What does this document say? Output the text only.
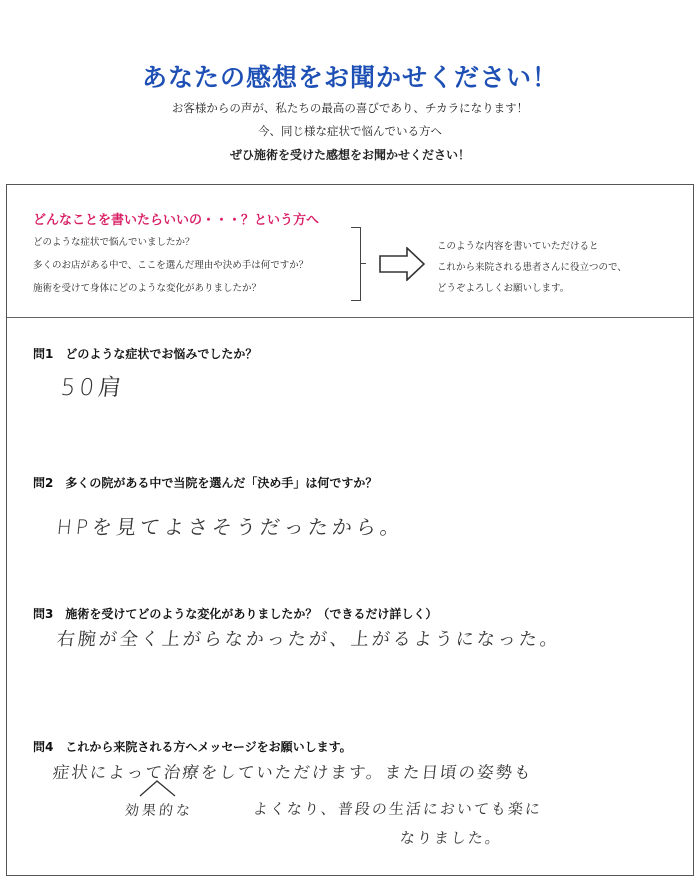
あなたの感想をお聞かせください！
お客様からの声が、私たちの最高の喜びであり、チカラになります！
今、同じ様な症状で悩んでいる方へ
ぜひ施術を受けた感想をお聞かせください！
どんなことを書いたらいいの・・・？という方へ
どのような症状で悩んでいましたか？
多くのお店がある中で、ここを選んだ理由や決め手は何ですか？
施術を受けて身体にどのような変化がありましたか？
このような内容を書いていただけると
これから来院される患者さんに役立つので、
どうぞよろしくお願いします。
問1　どのような症状でお悩みでしたか？
50肩
問2　多くの院がある中で当院を選んだ「決め手」は何ですか？
HPを見てよさそうだったから。
問3　施術を受けてどのような変化がありましたか？（できるだけ詳しく）
右腕が全く上がらなかったが、上がるようになった。
問4　これから来院される方へメッセージをお願いします。
症状によって治療をしていただけます。また日頃の姿勢も
効果的な	よくなり、普段の生活においても楽に
なりました。
